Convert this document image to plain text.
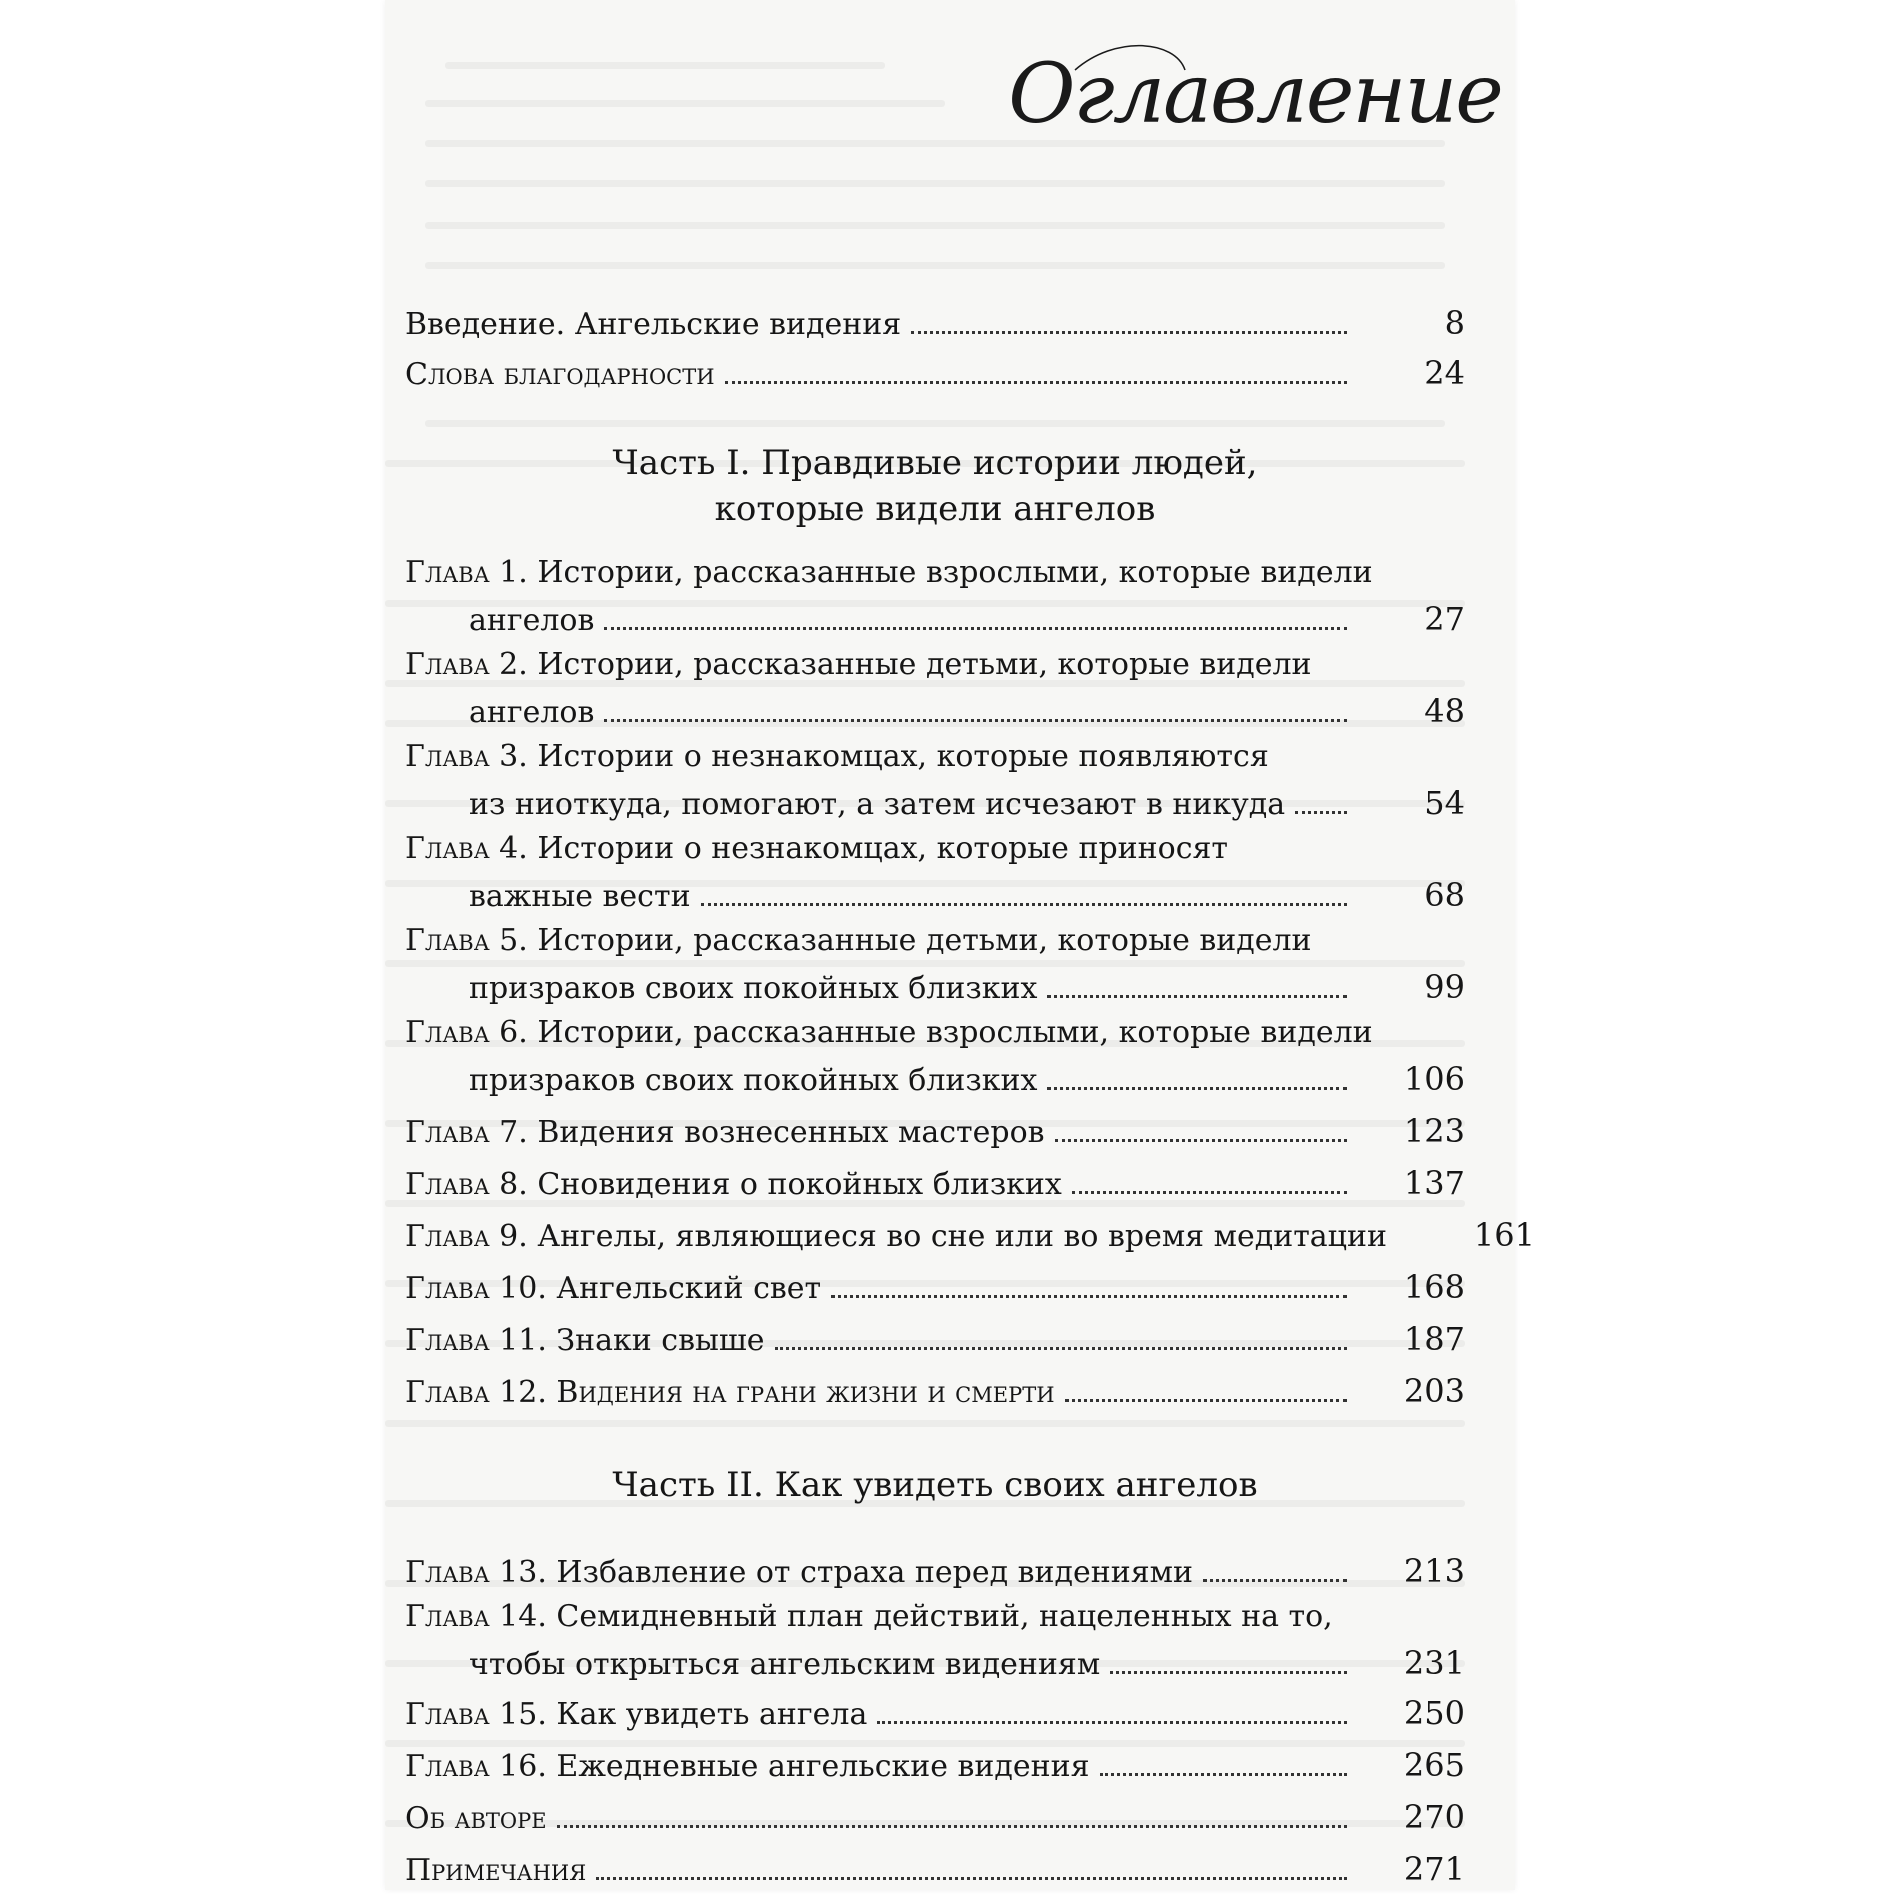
Оглавление
Введение. Ангельские видения	8
Слова благодарности	24
Часть I. Правдивые истории людей,
которые видели ангелов
Глава 1. Истории, рассказанные взрослыми, которые видели
ангелов	27
Глава 2. Истории, рассказанные детьми, которые видели
ангелов	48
Глава 3. Истории о незнакомцах, которые появляются
из ниоткуда, помогают, а затем исчезают в никуда	54
Глава 4. Истории о незнакомцах, которые приносят
важные вести	68
Глава 5. Истории, рассказанные детьми, которые видели
призраков своих покойных близких	99
Глава 6. Истории, рассказанные взрослыми, которые видели
призраков своих покойных близких	106
Глава 7. Видения вознесенных мастеров	123
Глава 8. Сновидения о покойных близких	137
Глава 9. Ангелы, являющиеся во сне или во время медитации	161
Глава 10. Ангельский свет	168
Глава 11. Знаки свыше	187
Глава 12. Видения на грани жизни и смерти	203
Часть II. Как увидеть своих ангелов
Глава 13. Избавление от страха перед видениями	213
Глава 14. Семидневный план действий, нацеленных на то,
чтобы открыться ангельским видениям	231
Глава 15. Как увидеть ангела	250
Глава 16. Ежедневные ангельские видения	265
Об авторе	270
Примечания	271
